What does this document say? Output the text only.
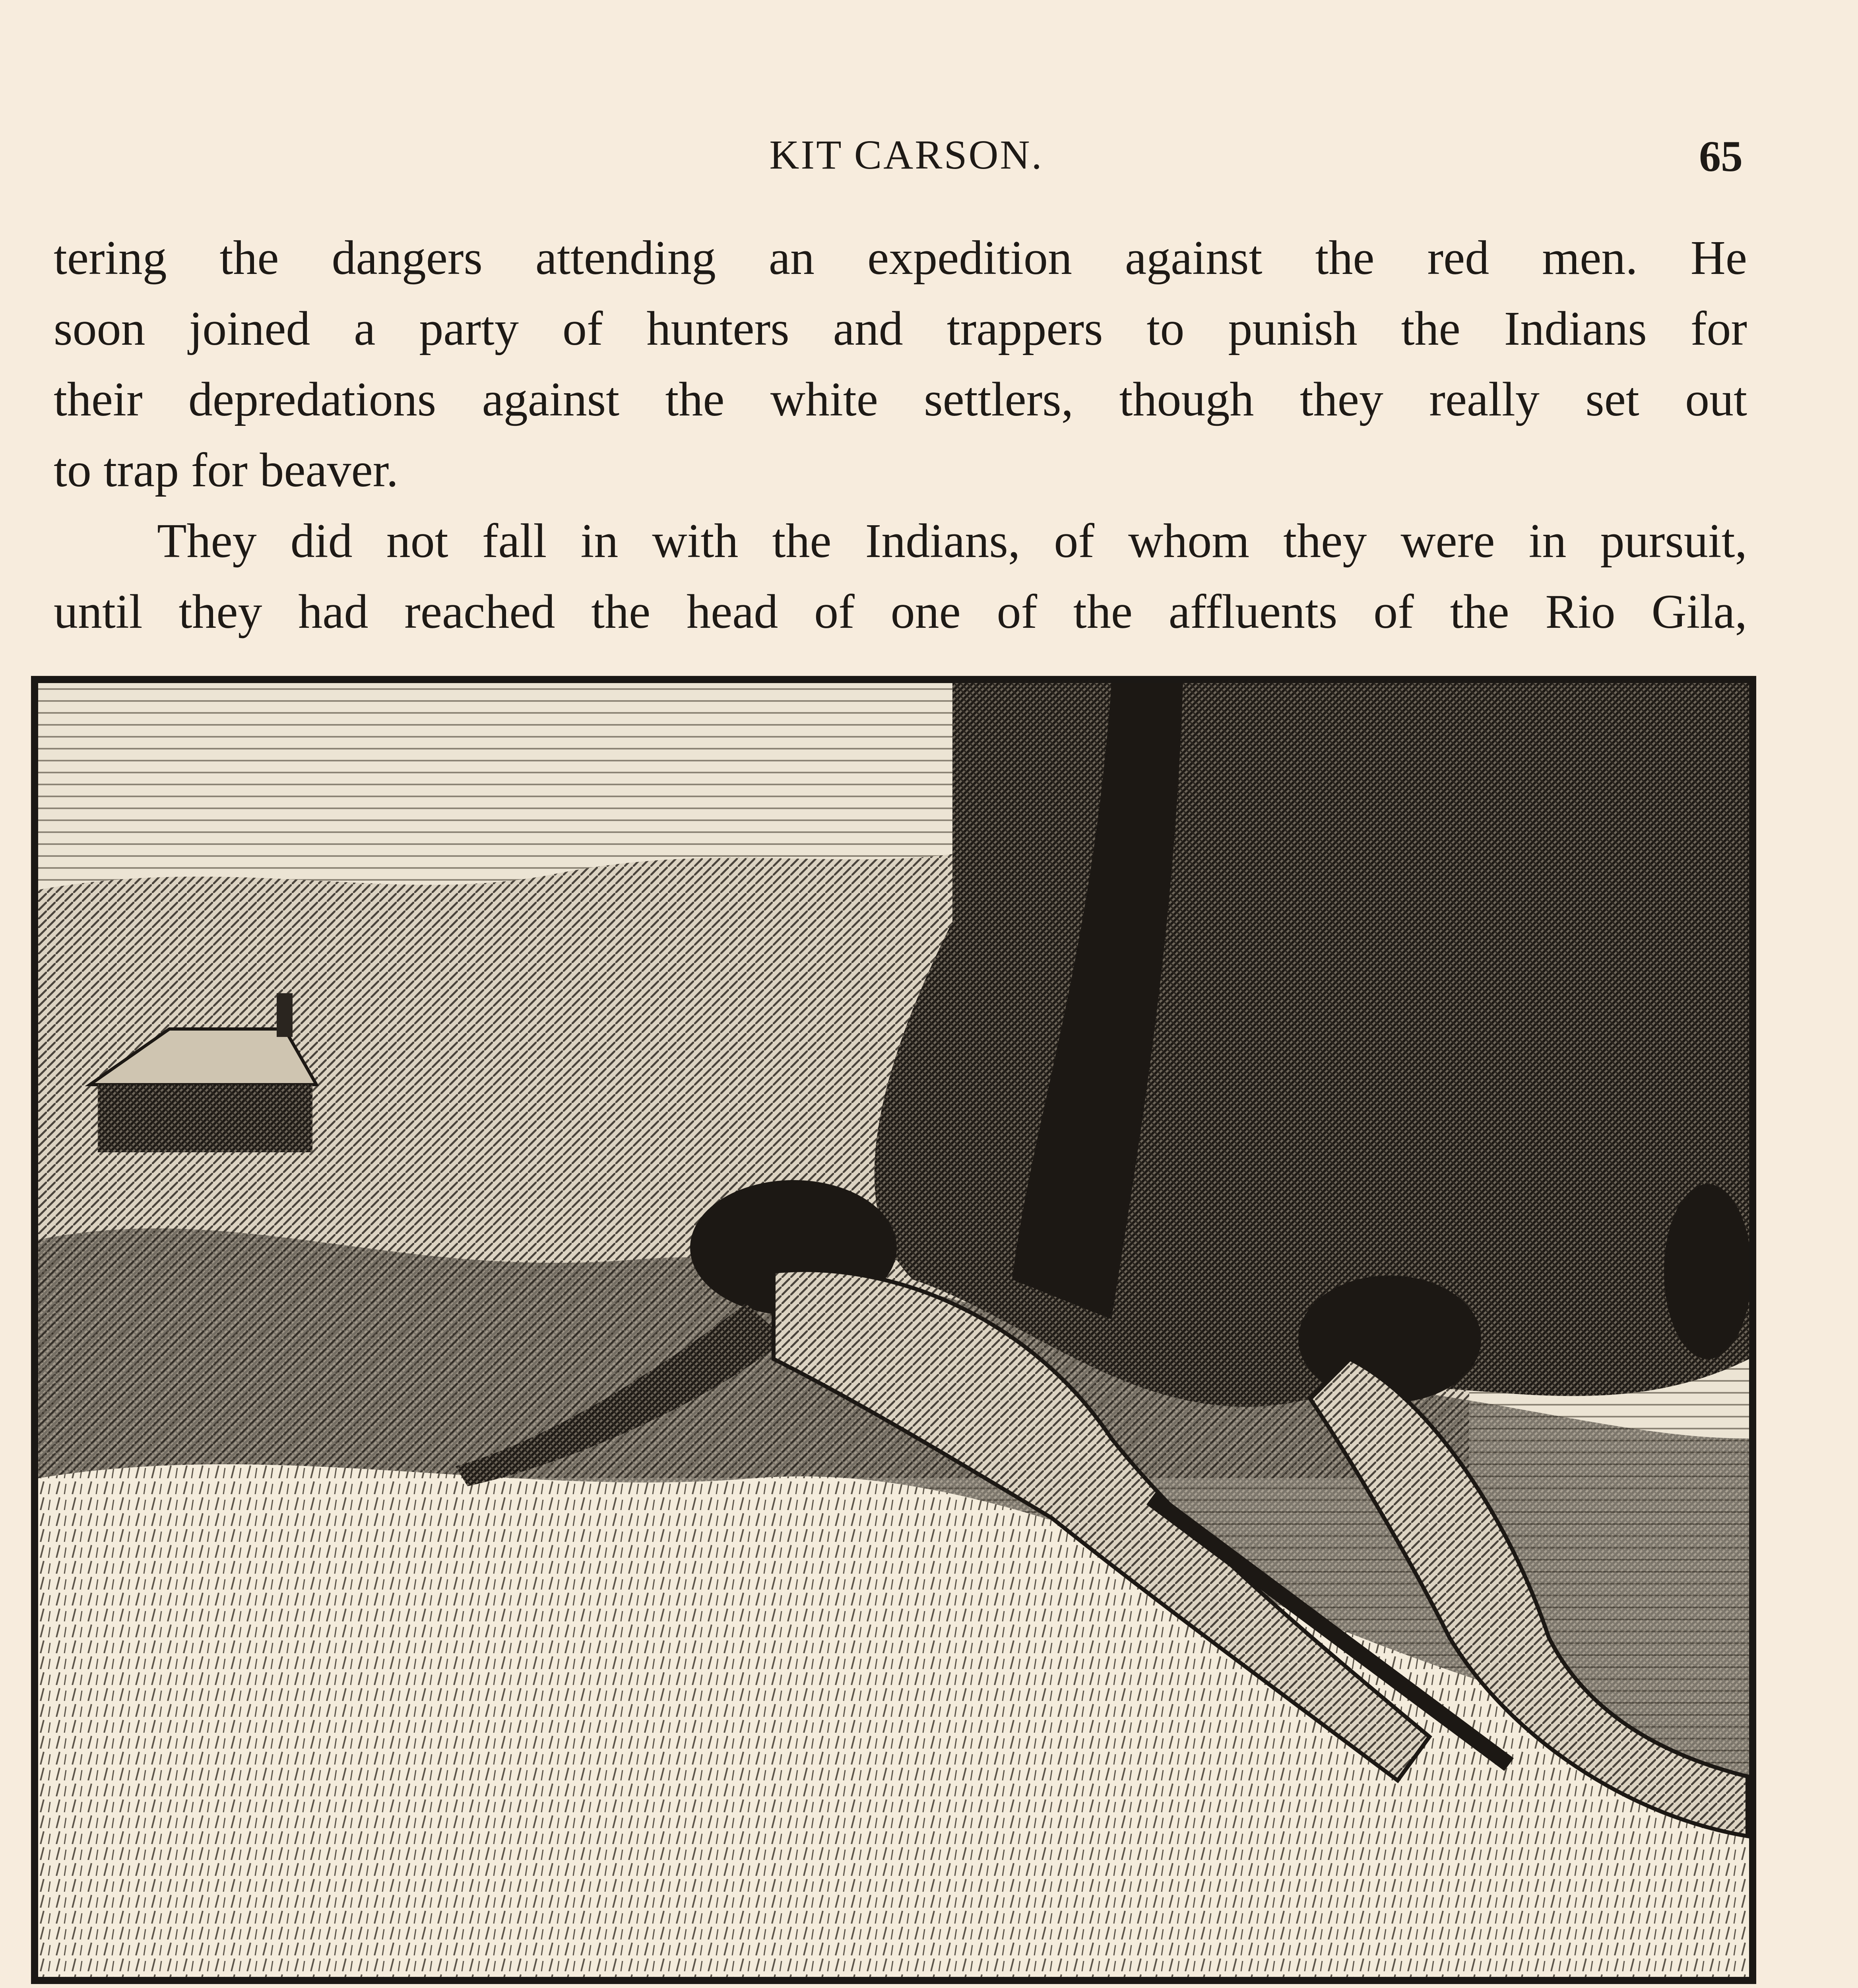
KIT CARSON.	65
tering the dangers attending an expedition against the red men. He
soon joined a party of hunters and trappers to punish the Indians for
their depredations against the white settlers, though they really set out
to trap for beaver.
They did not fall in with the Indians, of whom they were in pursuit,
until they had reached the head of one of the affluents of the Rio Gila,
